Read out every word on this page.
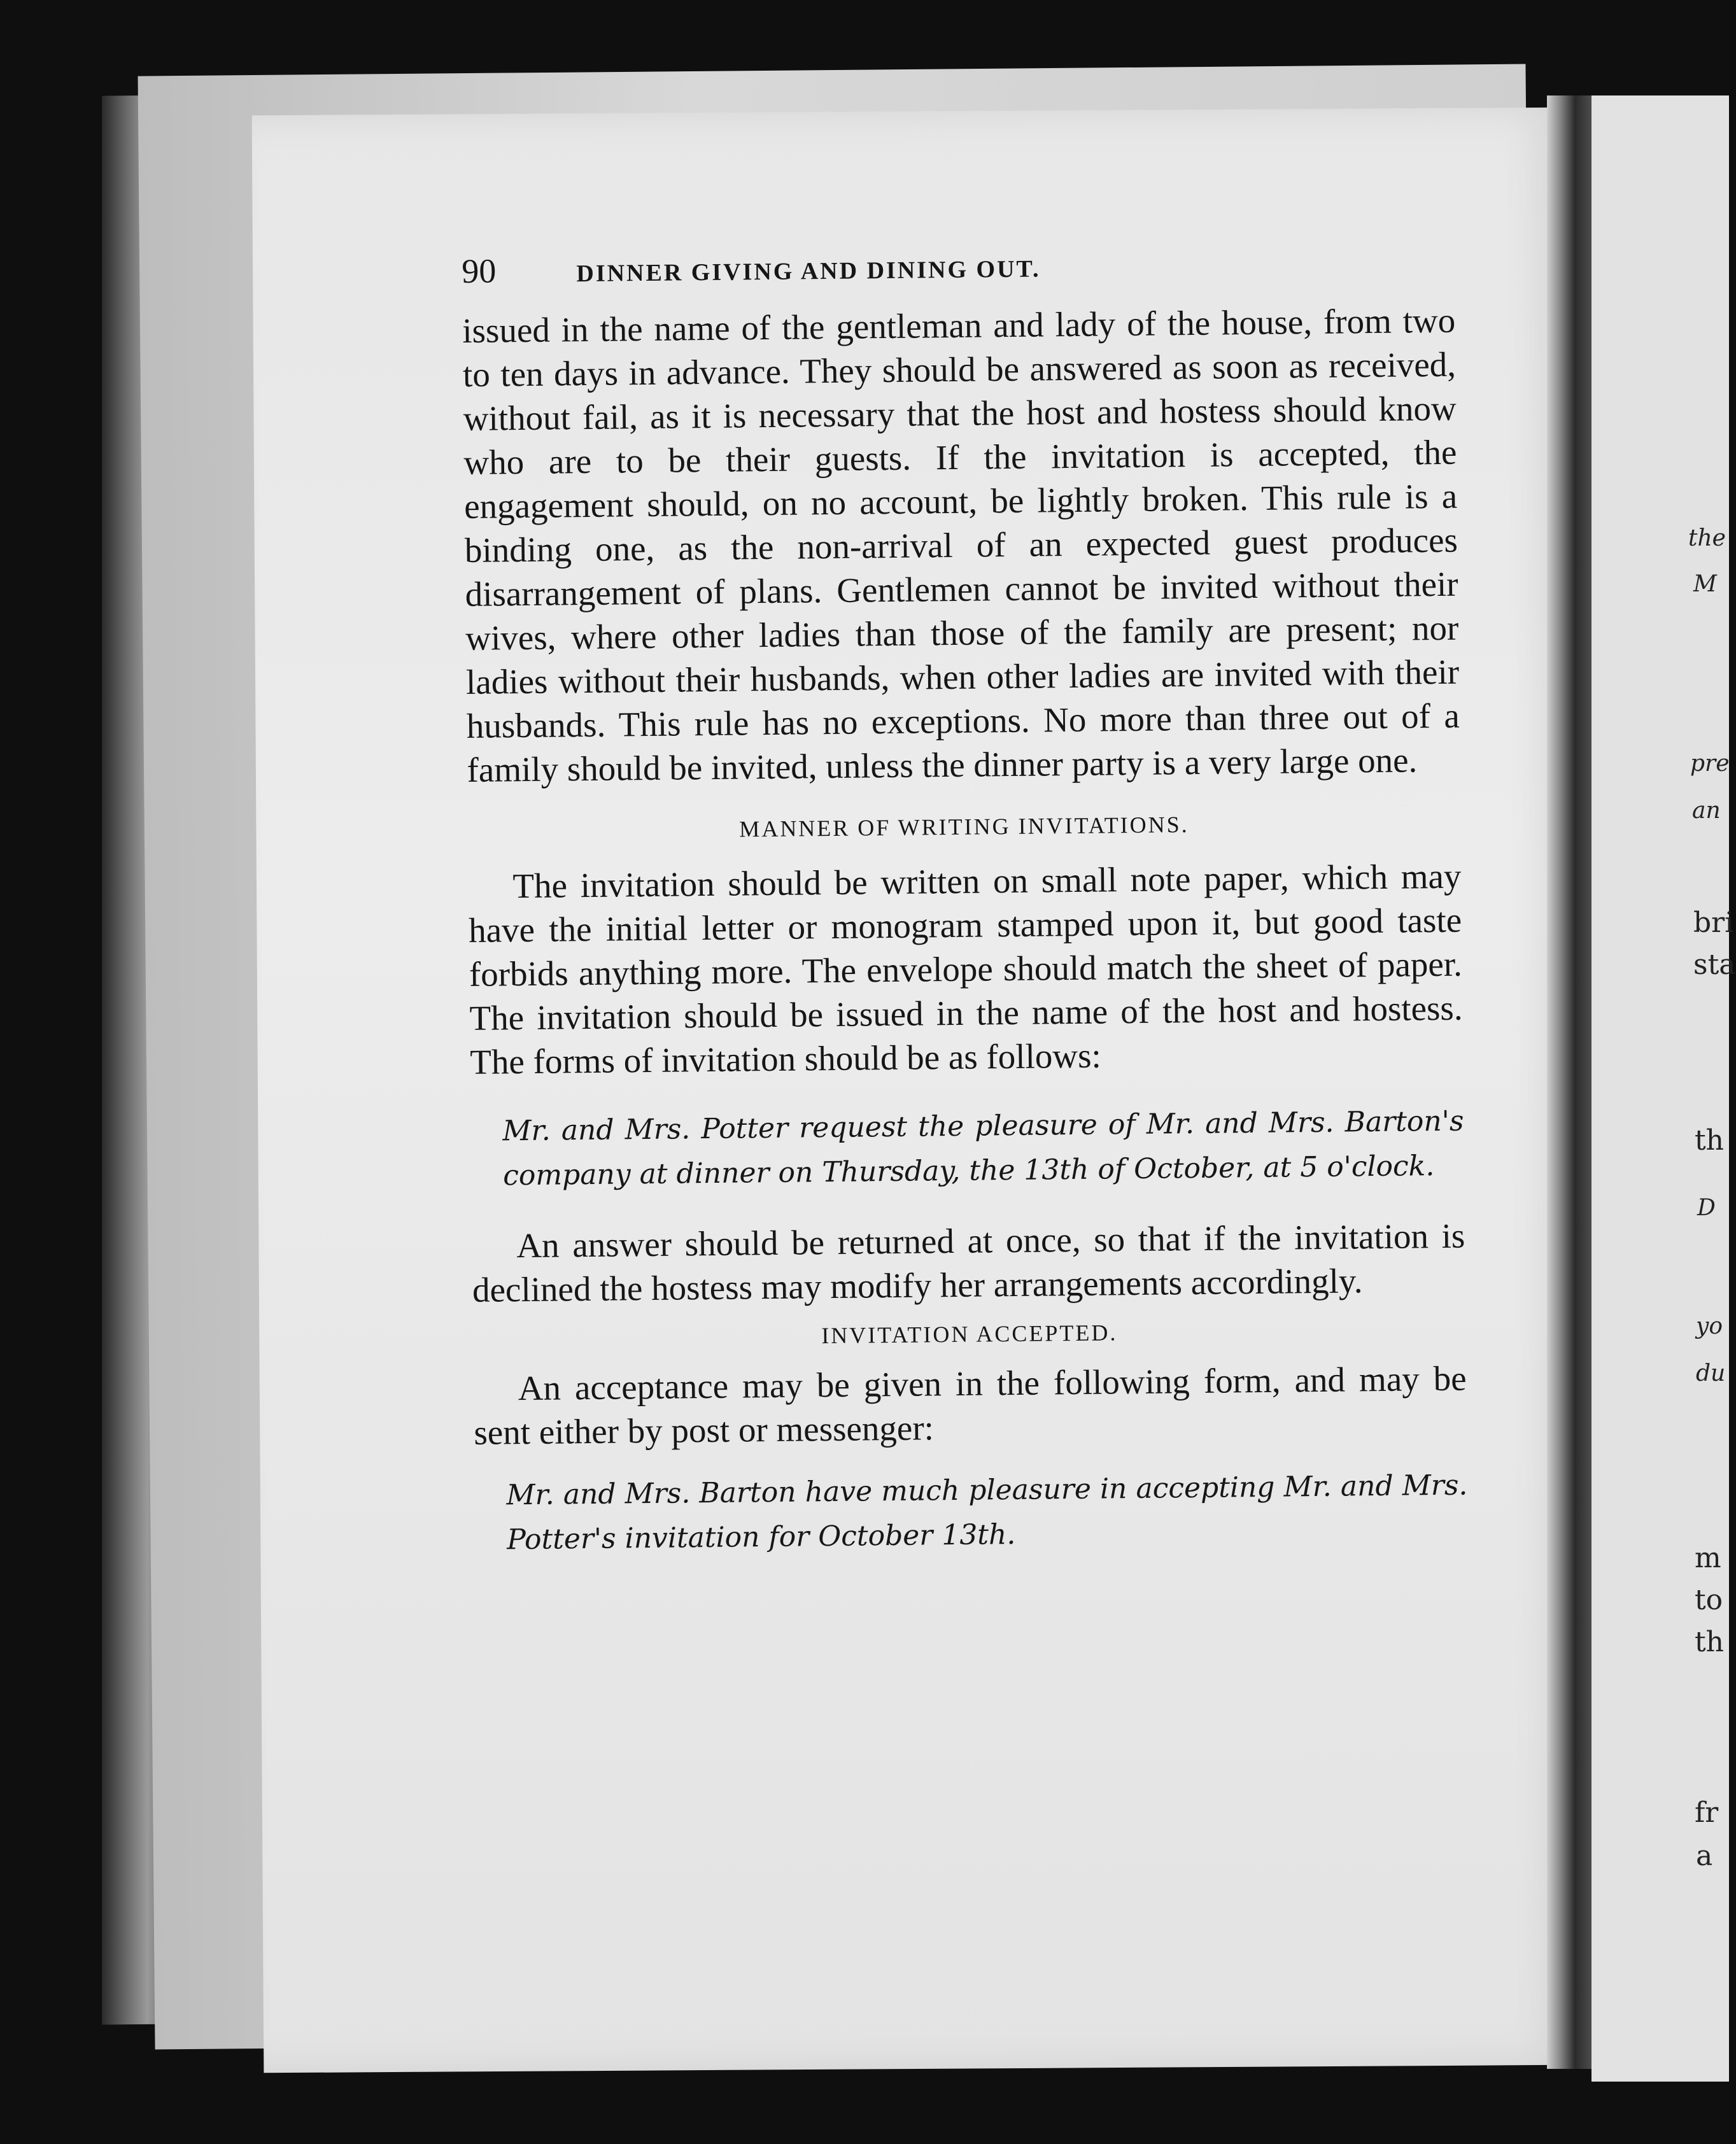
the
M
pre
an
bri
sta
th
D
yo
du
m
to
th
fr
a
90	DINNER GIVING AND DINING OUT.

issued in the name of the gentleman and lady of the house, from two to ten days in advance. They should be answered as soon as received, without fail, as it is necessary that the host and hostess should know who are to be their guests. If the invitation is accepted, the engagement should, on no account, be lightly broken. This rule is a binding one, as the non-arrival of an expected guest produces disarrangement of plans. Gentlemen cannot be invited without their wives, where other ladies than those of the family are present; nor ladies without their husbands, when other ladies are invited with their husbands. This rule has no exceptions. No more than three out of a family should be invited, unless the dinner party is a very large one.

MANNER OF WRITING INVITATIONS.

The invitation should be written on small note paper, which may have the initial letter or monogram stamped upon it, but good taste forbids anything more. The envelope should match the sheet of paper. The invitation should be issued in the name of the host and hostess. The forms of invitation should be as follows:

Mr. and Mrs. Potter request the pleasure of Mr. and Mrs. Barton's company at dinner on Thursday, the 13th of October, at 5 o'clock.

An answer should be returned at once, so that if the invitation is declined the hostess may modify her arrangements accordingly.

INVITATION ACCEPTED.

An acceptance may be given in the following form, and may be sent either by post or messenger:

Mr. and Mrs. Barton have much pleasure in accepting Mr. and Mrs. Potter's invitation for October 13th.
